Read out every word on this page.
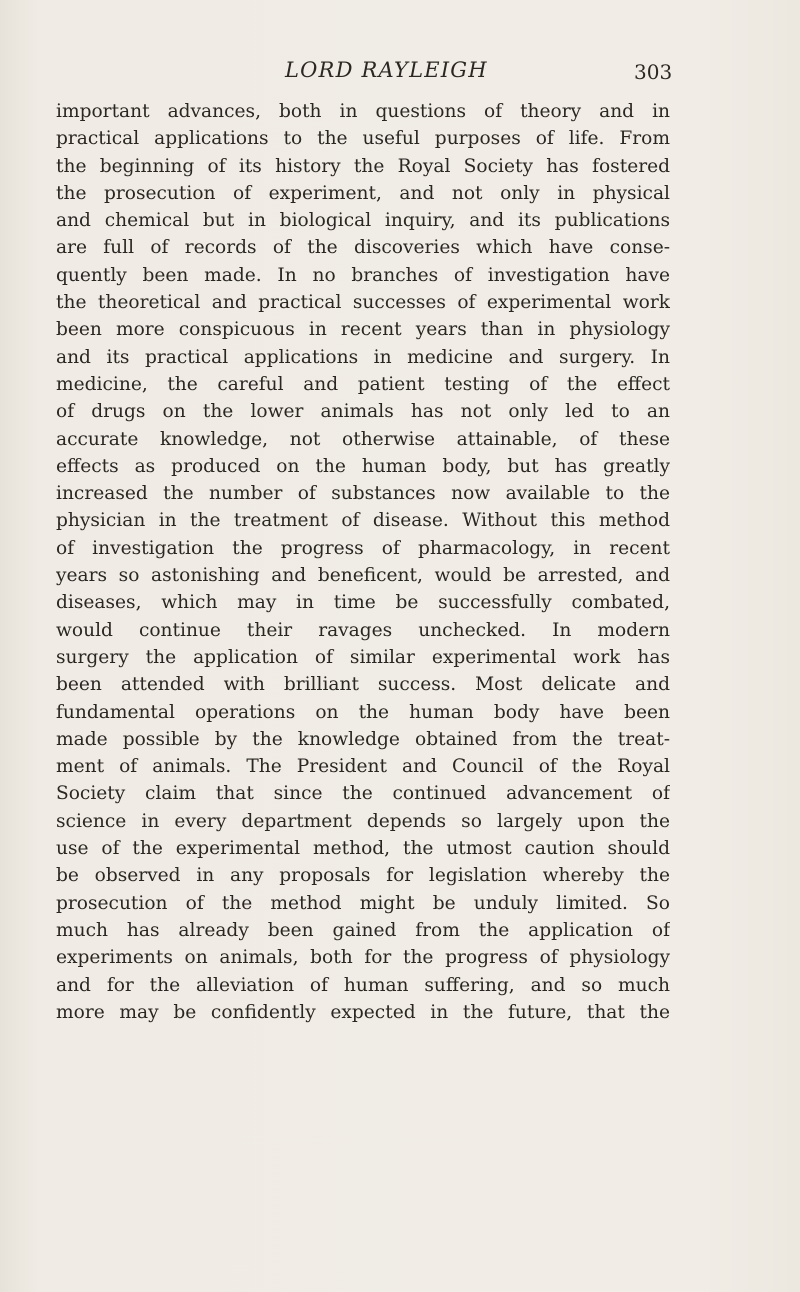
LORD RAYLEIGH	303
important advances, both in questions of theory and in
practical applications to the useful purposes of life. From
the beginning of its history the Royal Society has fostered
the prosecution of experiment, and not only in physical
and chemical but in biological inquiry, and its publications
are full of records of the discoveries which have conse-
quently been made. In no branches of investigation have
the theoretical and practical successes of experimental work
been more conspicuous in recent years than in physiology
and its practical applications in medicine and surgery. In
medicine, the careful and patient testing of the effect
of drugs on the lower animals has not only led to an
accurate knowledge, not otherwise attainable, of these
effects as produced on the human body, but has greatly
increased the number of substances now available to the
physician in the treatment of disease. Without this method
of investigation the progress of pharmacology, in recent
years so astonishing and beneficent, would be arrested, and
diseases, which may in time be successfully combated,
would continue their ravages unchecked. In modern
surgery the application of similar experimental work has
been attended with brilliant success. Most delicate and
fundamental operations on the human body have been
made possible by the knowledge obtained from the treat-
ment of animals. The President and Council of the Royal
Society claim that since the continued advancement of
science in every department depends so largely upon the
use of the experimental method, the utmost caution should
be observed in any proposals for legislation whereby the
prosecution of the method might be unduly limited. So
much has already been gained from the application of
experiments on animals, both for the progress of physiology
and for the alleviation of human suffering, and so much
more may be confidently expected in the future, that the
